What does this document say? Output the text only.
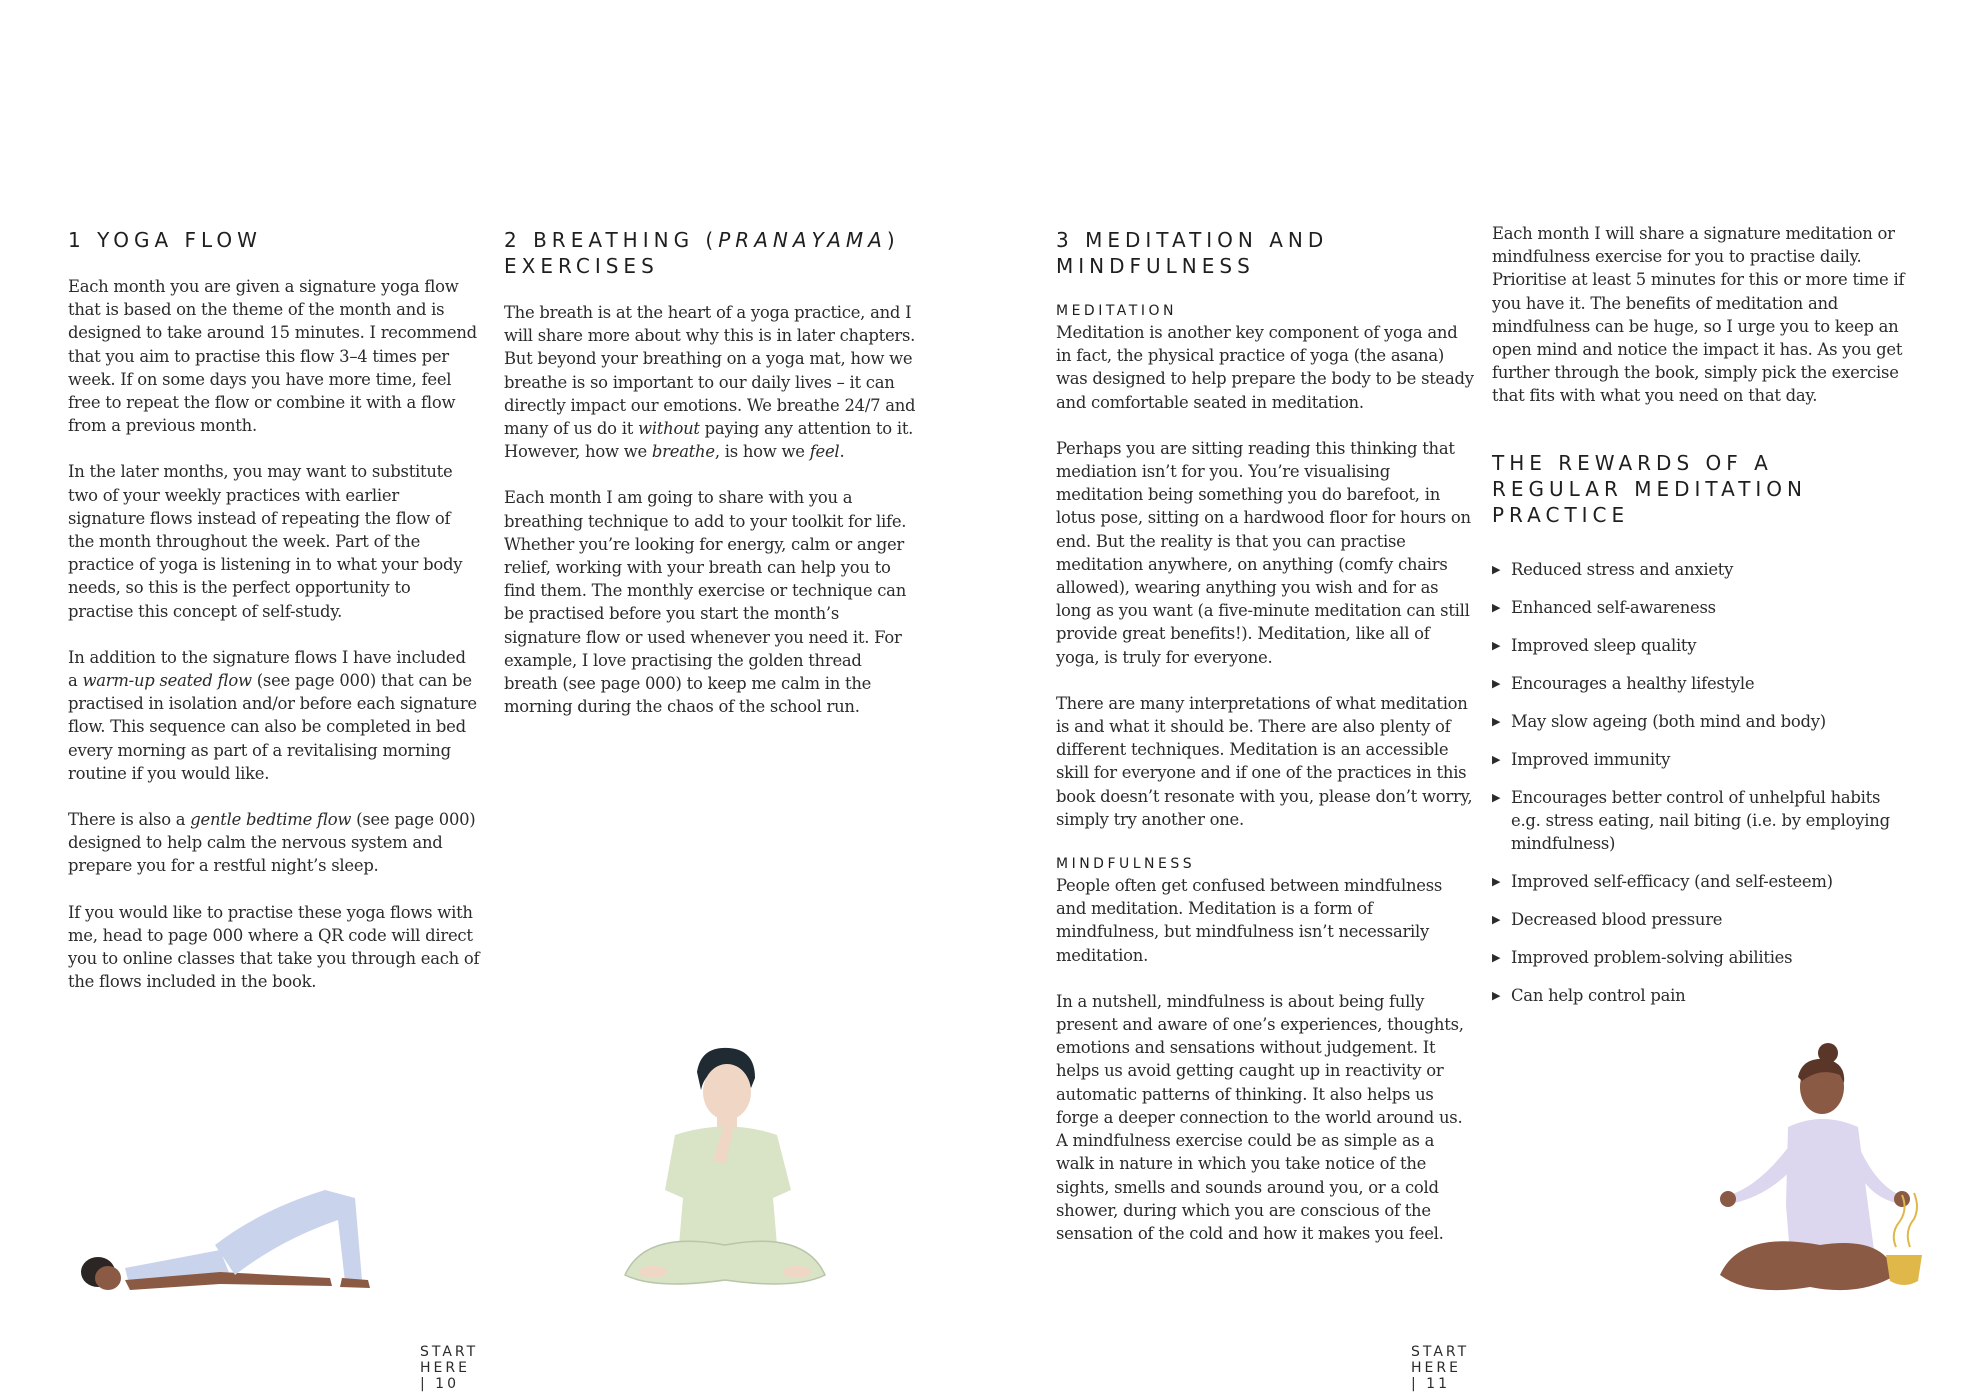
1 YOGA FLOW

Each month you are given a signature yoga flow that is based on the theme of the month and is designed to take around 15 minutes. I recommend that you aim to practise this flow 3–4 times per week. If on some days you have more time, feel free to repeat the flow or combine it with a flow from a previous month.

In the later months, you may want to substitute two of your weekly practices with earlier signature flows instead of repeating the flow of the month throughout the week. Part of the practice of yoga is listening in to what your body needs, so this is the perfect opportunity to practise this concept of self-study.

In addition to the signature flows I have included a warm-up seated flow (see page 000) that can be practised in isolation and/or before each signature flow. This sequence can also be completed in bed every morning as part of a revitalising morning routine if you would like.

There is also a gentle bedtime flow (see page 000) designed to help calm the nervous system and prepare you for a restful night’s sleep.

If you would like to practise these yoga flows with me, head to page 000 where a QR code will direct you to online classes that take you through each of the flows included in the book.

2 BREATHING (PRANAYAMA) EXERCISES

The breath is at the heart of a yoga practice, and I will share more about why this is in later chapters. But beyond your breathing on a yoga mat, how we breathe is so important to our daily lives – it can directly impact our emotions. We breathe 24/7 and many of us do it without paying any attention to it. However, how we breathe, is how we feel.

Each month I am going to share with you a breathing technique to add to your toolkit for life. Whether you’re looking for energy, calm or anger relief, working with your breath can help you to find them. The monthly exercise or technique can be practised before you start the month’s signature flow or used whenever you need it. For example, I love practising the golden thread breath (see page 000) to keep me calm in the morning during the chaos of the school run.

START HERE | 10
3 MEDITATION AND MINDFULNESS
MEDITATION

Meditation is another key component of yoga and in fact, the physical practice of yoga (the asana) was designed to help prepare the body to be steady and comfortable seated in meditation.

Perhaps you are sitting reading this thinking that mediation isn’t for you. You’re visualising meditation being something you do barefoot, in lotus pose, sitting on a hardwood floor for hours on end. But the reality is that you can practise meditation anywhere, on anything (comfy chairs allowed), wearing anything you wish and for as long as you want (a five-minute meditation can still provide great benefits!). Meditation, like all of yoga, is truly for everyone.

There are many interpretations of what meditation is and what it should be. There are also plenty of different techniques. Meditation is an accessible skill for everyone and if one of the practices in this book doesn’t resonate with you, please don’t worry, simply try another one.

MINDFULNESS

People often get confused between mindfulness and meditation. Meditation is a form of mindfulness, but mindfulness isn’t necessarily meditation.

In a nutshell, mindfulness is about being fully present and aware of one’s experiences, thoughts, emotions and sensations without judgement. It helps us avoid getting caught up in reactivity or automatic patterns of thinking. It also helps us forge a deeper connection to the world around us. A mindfulness exercise could be as simple as a walk in nature in which you take notice of the sights, smells and sounds around you, or a cold shower, during which you are conscious of the sensation of the cold and how it makes you feel.

Each month I will share a signature meditation or mindfulness exercise for you to practise daily. Prioritise at least 5 minutes for this or more time if you have it. The benefits of meditation and mindfulness can be huge, so I urge you to keep an open mind and notice the impact it has. As you get further through the book, simply pick the exercise that fits with what you need on that day.

THE REWARDS OF A REGULAR MEDITATION PRACTICE
▶ Reduced stress and anxiety
▶ Enhanced self-awareness
▶ Improved sleep quality
▶ Encourages a healthy lifestyle
▶ May slow ageing (both mind and body)
▶ Improved immunity
▶ Encourages better control of unhelpful habits e.g. stress eating, nail biting (i.e. by employing mindfulness)
▶ Improved self-efficacy (and self-esteem)
▶ Decreased blood pressure
▶ Improved problem-solving abilities
▶ Can help control pain
START HERE | 11
